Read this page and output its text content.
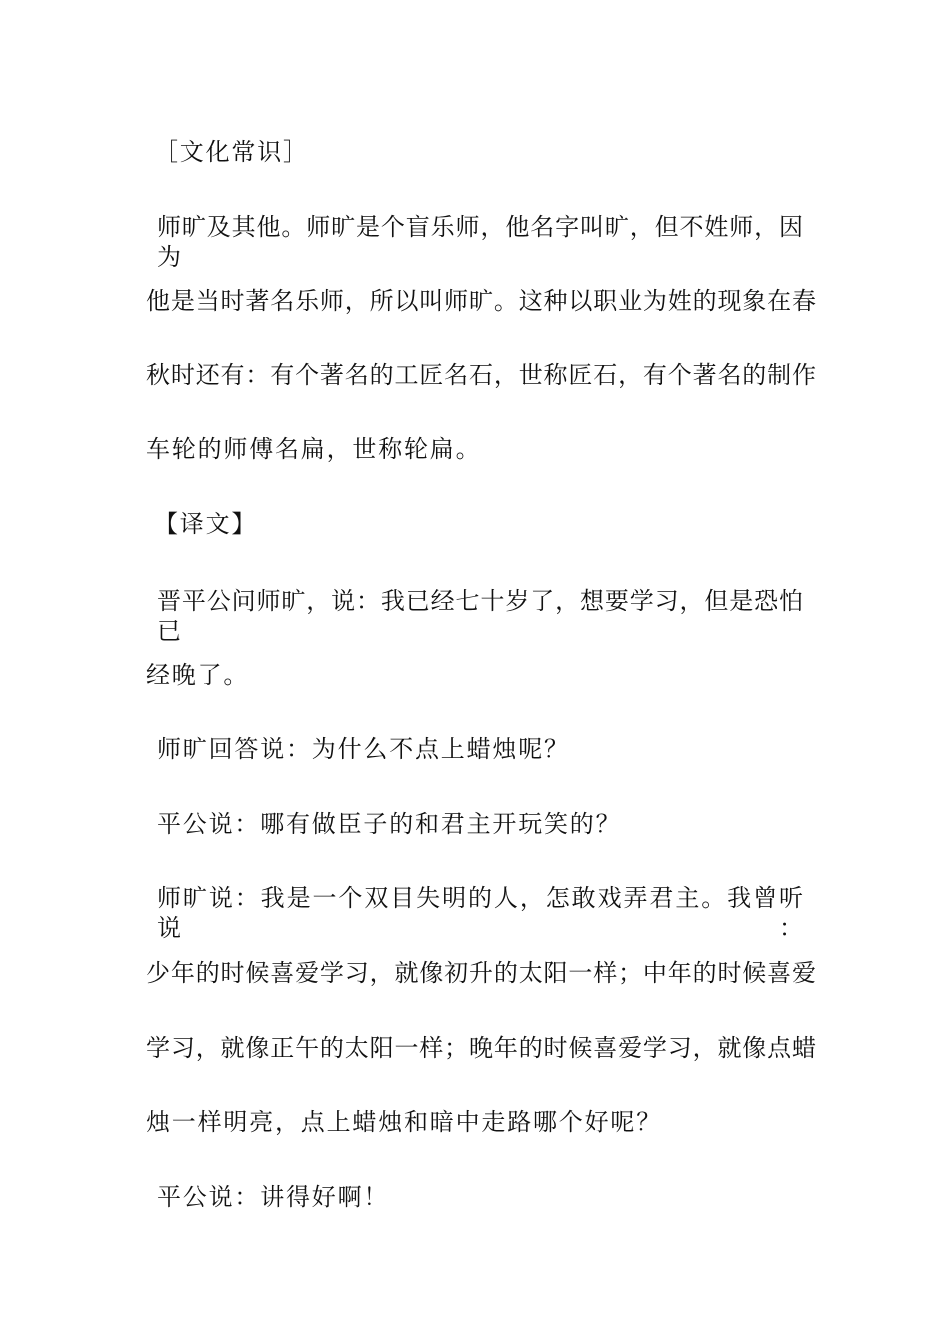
［文化常识］
师旷及其他。师旷是个盲乐师，他名字叫旷，但不姓师，因为
他是当时著名乐师，所以叫师旷。这种以职业为姓的现象在春
秋时还有：有个著名的工匠名石，世称匠石，有个著名的制作
车轮的师傅名扁，世称轮扁。
【译文】
晋平公问师旷，说：我已经七十岁了，想要学习，但是恐怕已
经晚了。
师旷回答说：为什么不点上蜡烛呢？
平公说：哪有做臣子的和君主开玩笑的？
师旷说：我是一个双目失明的人，怎敢戏弄君主。我曾听说：
少年的时候喜爱学习，就像初升的太阳一样；中年的时候喜爱
学习，就像正午的太阳一样；晚年的时候喜爱学习，就像点蜡
烛一样明亮，点上蜡烛和暗中走路哪个好呢？
平公说：讲得好啊！
